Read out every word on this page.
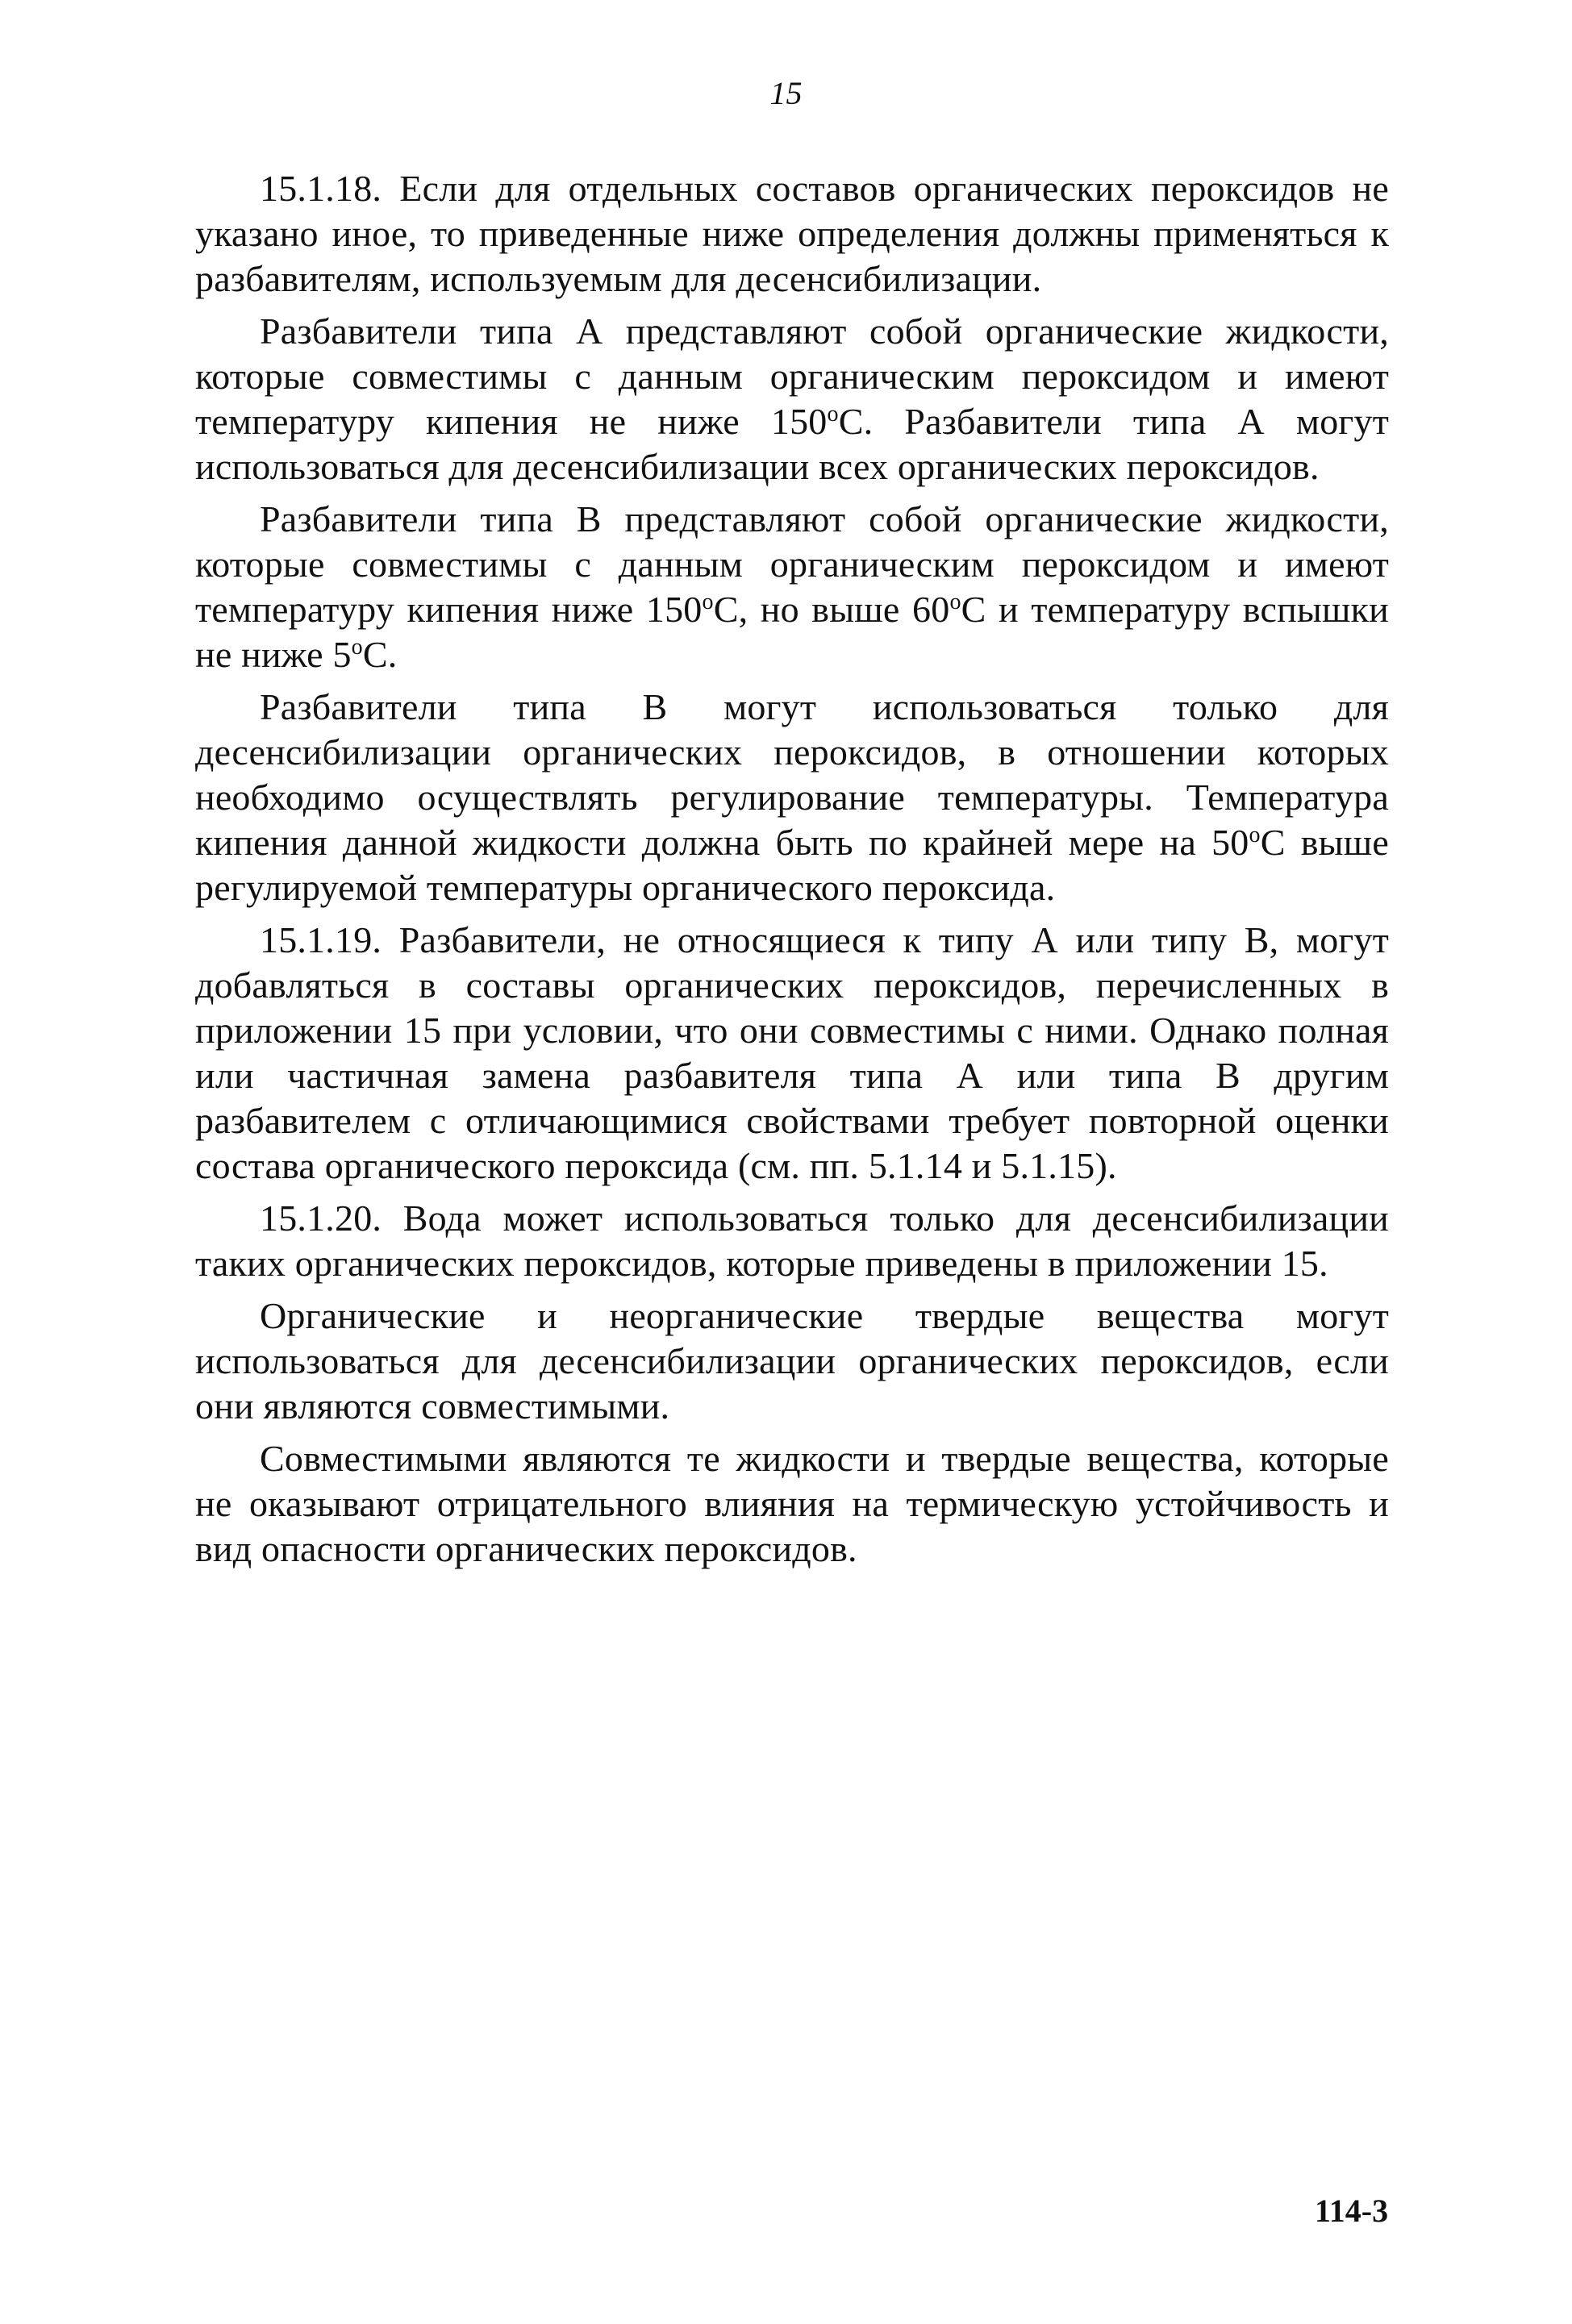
15

15.1.18. Если для отдельных составов органических пероксидов не указано иное, то приведенные ниже определения должны применяться к разбавителям, используемым для десенсибилизации.

Разбавители типа А представляют собой органические жидкости, которые совместимы с данным органическим пероксидом и имеют температуру кипения не ниже 150$^o$С. Разбавители типа А могут использоваться для десенсибилизации всех органических пероксидов.

Разбавители типа В представляют собой органические жидкости, которые совместимы с данным органическим пероксидом и имеют температуру кипения ниже 150$^o$С, но выше 60$^o$С и температуру вспышки не ниже 5$^o$С.

Разбавители типа В могут использоваться только для десенсибилизации органических пероксидов, в отношении которых необходимо осуществлять регулирование температуры. Температура кипения данной жидкости должна быть по крайней мере на 50$^o$С выше регулируемой температуры органического пероксида.

15.1.19. Разбавители, не относящиеся к типу А или типу В, могут добавляться в составы органических пероксидов, перечисленных в приложении 15 при условии, что они совместимы с ними. Однако полная или частичная замена разбавителя типа А или типа В другим разбавителем с отличающимися свойствами требует повторной оценки состава органического пероксида (см. пп. 5.1.14 и 5.1.15).

15.1.20. Вода может использоваться только для десенсибилизации таких органических пероксидов, которые приведены в приложении 15.

Органические и неорганические твердые вещества могут использоваться для десенсибилизации органических пероксидов, если они являются совместимыми.

Совместимыми являются те жидкости и твердые вещества, которые не оказывают отрицательного влияния на термическую устойчивость и вид опасности органических пероксидов.

114-3
